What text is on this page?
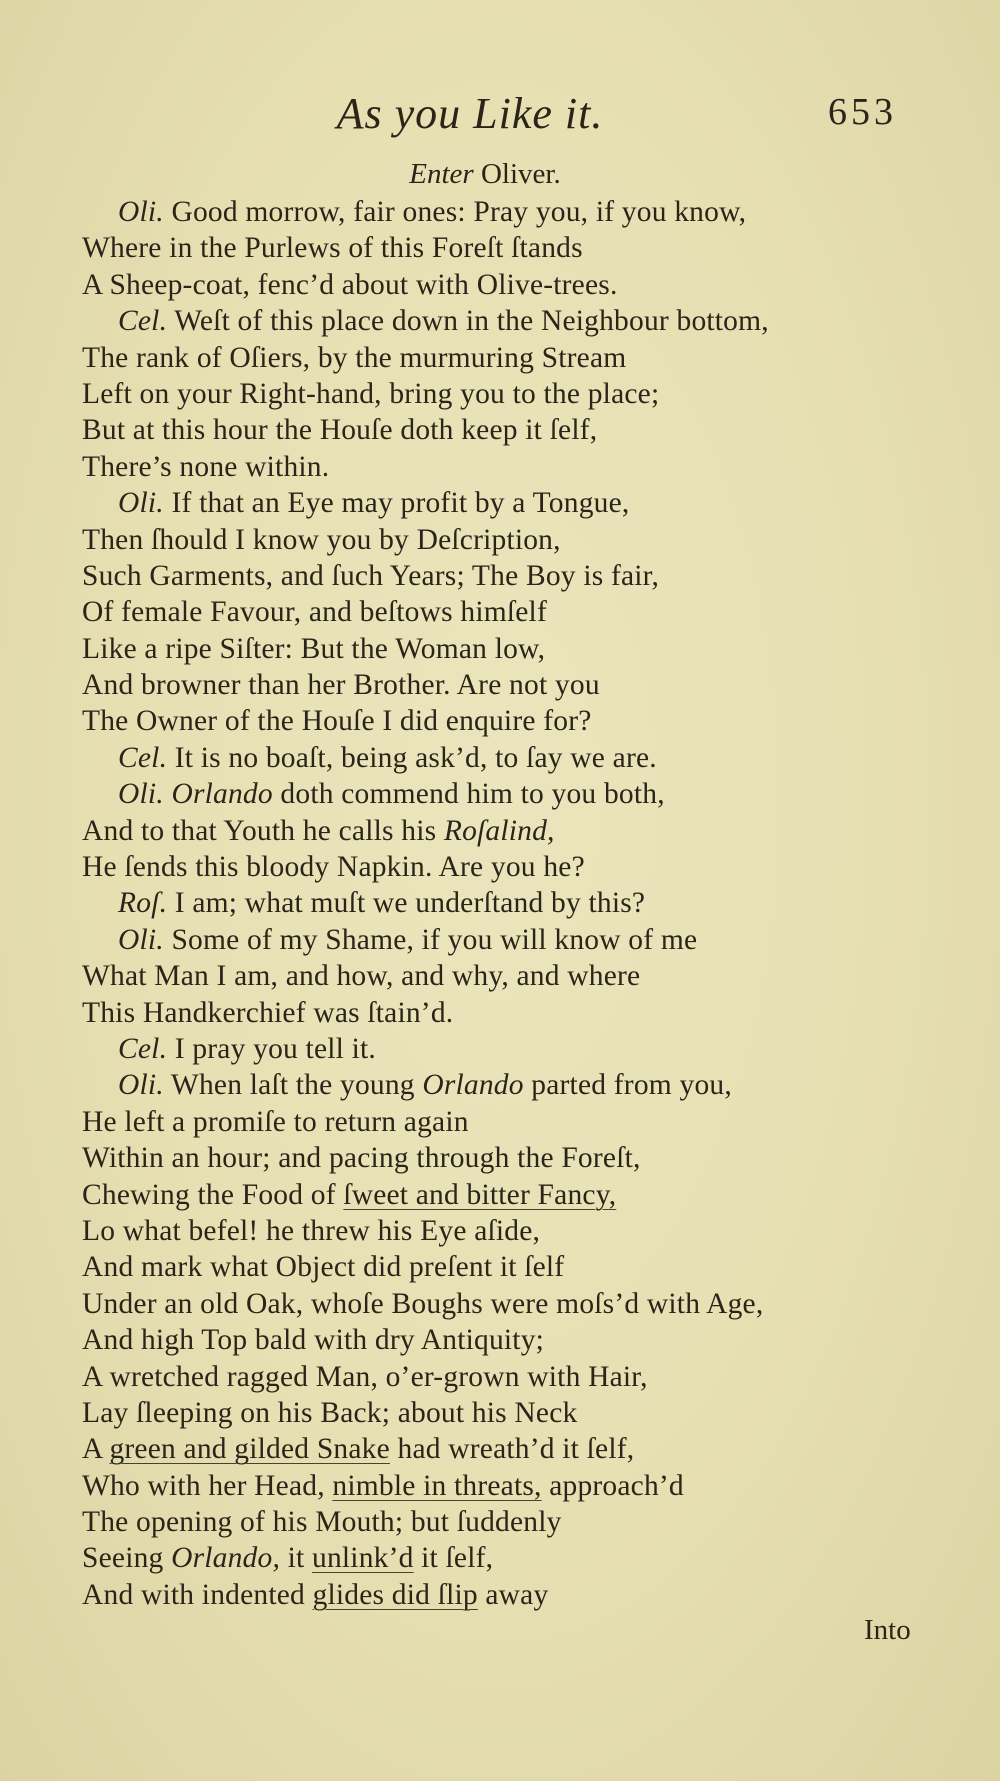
As you Like it.	653
Enter Oliver.
Oli. Good morrow, fair ones: Pray you, if you know,
Where in the Purlews of this Foreſt ſtands
A Sheep-coat, fenc’d about with Olive-trees.
Cel. Weſt of this place down in the Neighbour bottom,
The rank of Oſiers, by the murmuring Stream
Left on your Right-hand, bring you to the place;
But at this hour the Houſe doth keep it ſelf,
There’s none within.
Oli. If that an Eye may profit by a Tongue,
Then ſhould I know you by Deſcription,
Such Garments, and ſuch Years; The Boy is fair,
Of female Favour, and beſtows himſelf
Like a ripe Siſter: But the Woman low,
And browner than her Brother. Are not you
The Owner of the Houſe I did enquire for?
Cel. It is no boaſt, being ask’d, to ſay we are.
Oli. Orlando doth commend him to you both,
And to that Youth he calls his Roſalind,
He ſends this bloody Napkin. Are you he?
Roſ. I am; what muſt we underſtand by this?
Oli. Some of my Shame, if you will know of me
What Man I am, and how, and why, and where
This Handkerchief was ſtain’d.
Cel. I pray you tell it.
Oli. When laſt the young Orlando parted from you,
He left a promiſe to return again
Within an hour; and pacing through the Foreſt,
Chewing the Food of ſweet and bitter Fancy,
Lo what befel! he threw his Eye aſide,
And mark what Object did preſent it ſelf
Under an old Oak, whoſe Boughs were moſs’d with Age,
And high Top bald with dry Antiquity;
A wretched ragged Man, o’er-grown with Hair,
Lay ſleeping on his Back; about his Neck
A green and gilded Snake had wreath’d it ſelf,
Who with her Head, nimble in threats, approach’d
The opening of his Mouth; but ſuddenly
Seeing Orlando, it unlink’d it ſelf,
And with indented glides did ſlip away
Into
